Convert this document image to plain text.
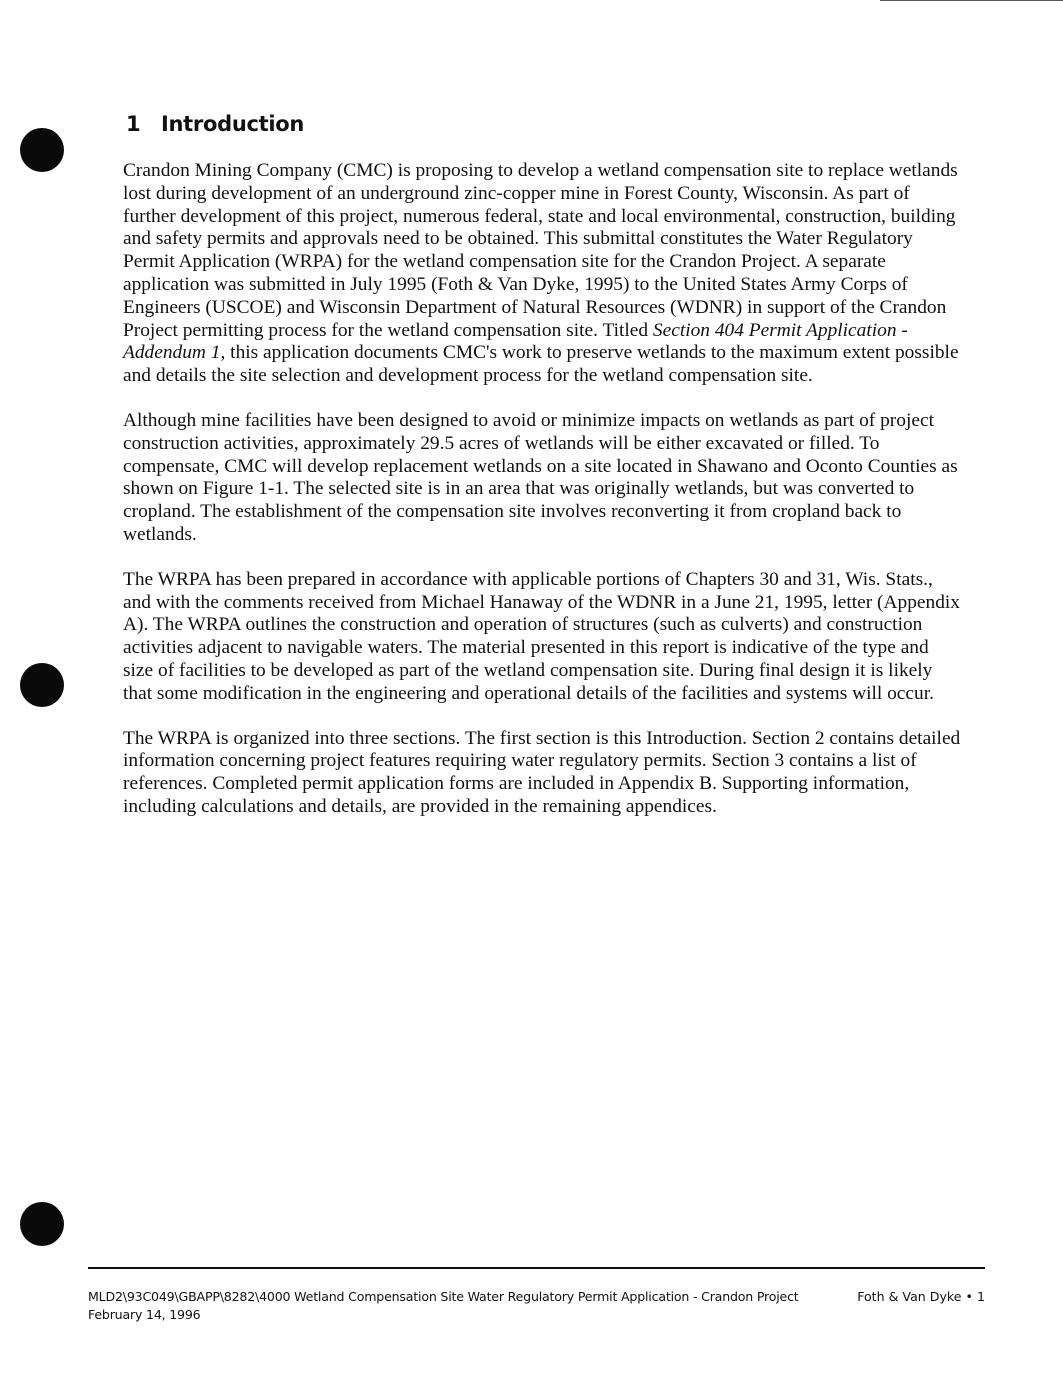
1 Introduction

Crandon Mining Company (CMC) is proposing to develop a wetland compensation site to replace wetlands lost during development of an underground zinc-copper mine in Forest County, Wisconsin. As part of further development of this project, numerous federal, state and local environmental, construction, building and safety permits and approvals need to be obtained. This submittal constitutes the Water Regulatory Permit Application (WRPA) for the wetland compensation site for the Crandon Project. A separate application was submitted in July 1995 (Foth & Van Dyke, 1995) to the United States Army Corps of Engineers (USCOE) and Wisconsin Department of Natural Resources (WDNR) in support of the Crandon Project permitting process for the wetland compensation site. Titled Section 404 Permit Application - Addendum 1, this application documents CMC's work to preserve wetlands to the maximum extent possible and details the site selection and development process for the wetland compensation site.

Although mine facilities have been designed to avoid or minimize impacts on wetlands as part of project construction activities, approximately 29.5 acres of wetlands will be either excavated or filled. To compensate, CMC will develop replacement wetlands on a site located in Shawano and Oconto Counties as shown on Figure 1-1. The selected site is in an area that was originally wetlands, but was converted to cropland. The establishment of the compensation site involves reconverting it from cropland back to wetlands.

The WRPA has been prepared in accordance with applicable portions of Chapters 30 and 31, Wis. Stats., and with the comments received from Michael Hanaway of the WDNR in a June 21, 1995, letter (Appendix A). The WRPA outlines the construction and operation of structures (such as culverts) and construction activities adjacent to navigable waters. The material presented in this report is indicative of the type and size of facilities to be developed as part of the wetland compensation site. During final design it is likely that some modification in the engineering and operational details of the facilities and systems will occur.

The WRPA is organized into three sections. The first section is this Introduction. Section 2 contains detailed information concerning project features requiring water regulatory permits. Section 3 contains a list of references. Completed permit application forms are included in Appendix B. Supporting information, including calculations and details, are provided in the remaining appendices.

MLD2\93C049\GBAPP\8282\4000 Wetland Compensation Site Water Regulatory Permit Application - Crandon Project
February 14, 1996
Foth & Van Dyke • 1
